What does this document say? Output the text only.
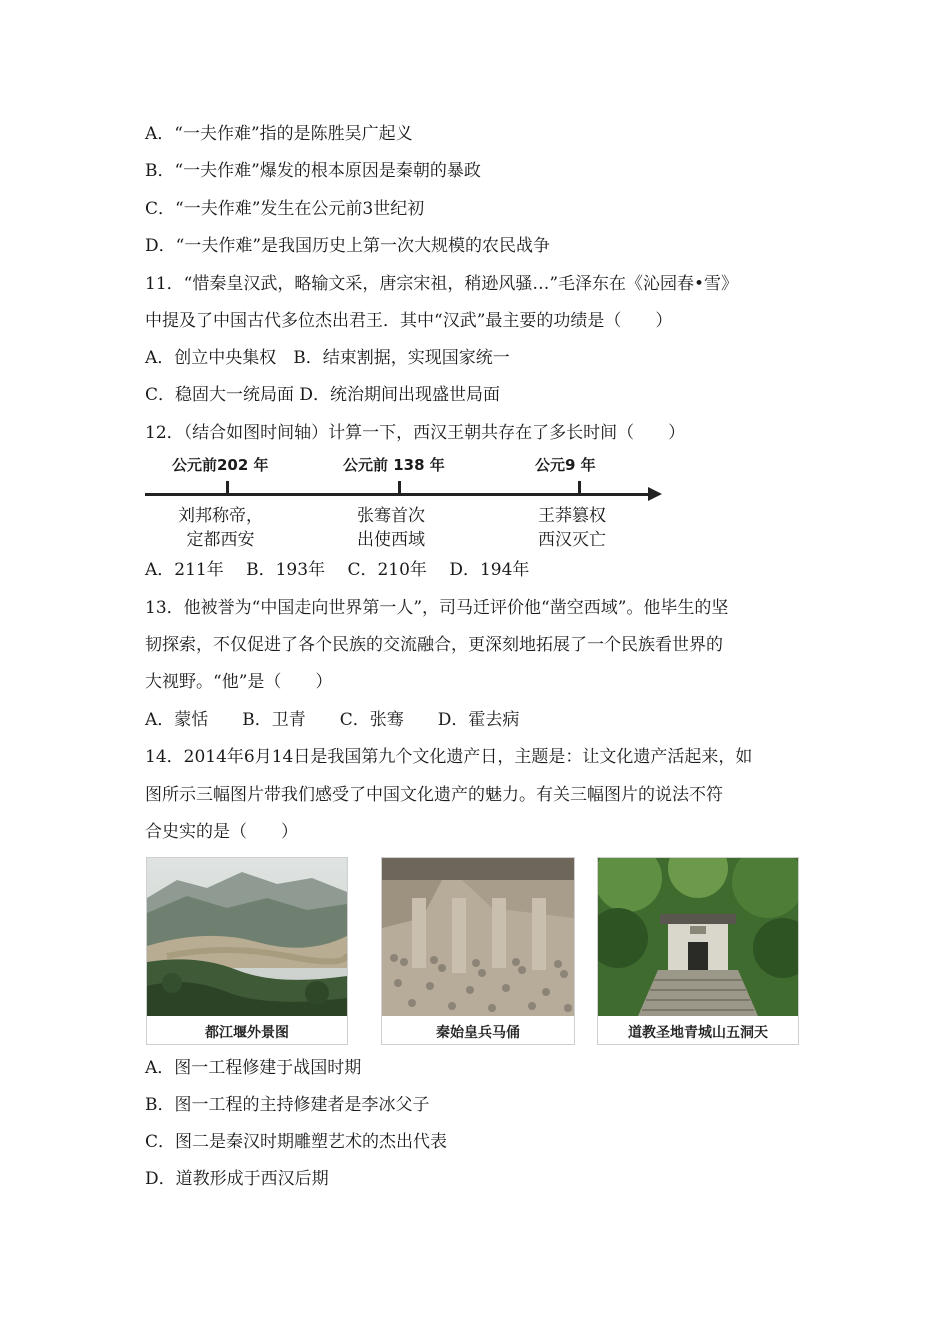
A．“一夫作难”指的是陈胜吴广起义
B．“一夫作难”爆发的根本原因是秦朝的暴政
C．“一夫作难”发生在公元前3世纪初
D．“一夫作难”是我国历史上第一次大规模的农民战争
11．“惜秦皇汉武，略输文采，唐宗宋祖，稍逊风骚…”毛泽东在《沁园春•雪》
中提及了中国古代多位杰出君王．其中“汉武”最主要的功绩是（　　）
A．创立中央集权　B．结束割据，实现国家统一
C．稳固大一统局面 D．统治期间出现盛世局面
12．（结合如图时间轴）计算一下，西汉王朝共存在了多长时间（　　）
公元前202 年	公元前 138 年	公元9 年
刘邦称帝，
定都西安
张骞首次
出使西域
王莽篡权
西汉灭亡
A．211年　 B．193年　 C．210年　 D．194年
13．他被誉为“中国走向世界第一人”，司马迁评价他“凿空西域”。他毕生的坚
韧探索，不仅促进了各个民族的交流融合，更深刻地拓展了一个民族看世界的
大视野。“他”是（　　）
A．蒙恬　　B．卫青　　C．张骞　　D．霍去病
14．2014年6月14日是我国第九个文化遗产日，主题是：让文化遗产活起来，如
图所示三幅图片带我们感受了中国文化遗产的魅力。有关三幅图片的说法不符
合史实的是（　　）
都江堰外景图	秦始皇兵马俑	道教圣地青城山五洞天
A．图一工程修建于战国时期
B．图一工程的主持修建者是李冰父子
C．图二是秦汉时期雕塑艺术的杰出代表
D．道教形成于西汉后期
